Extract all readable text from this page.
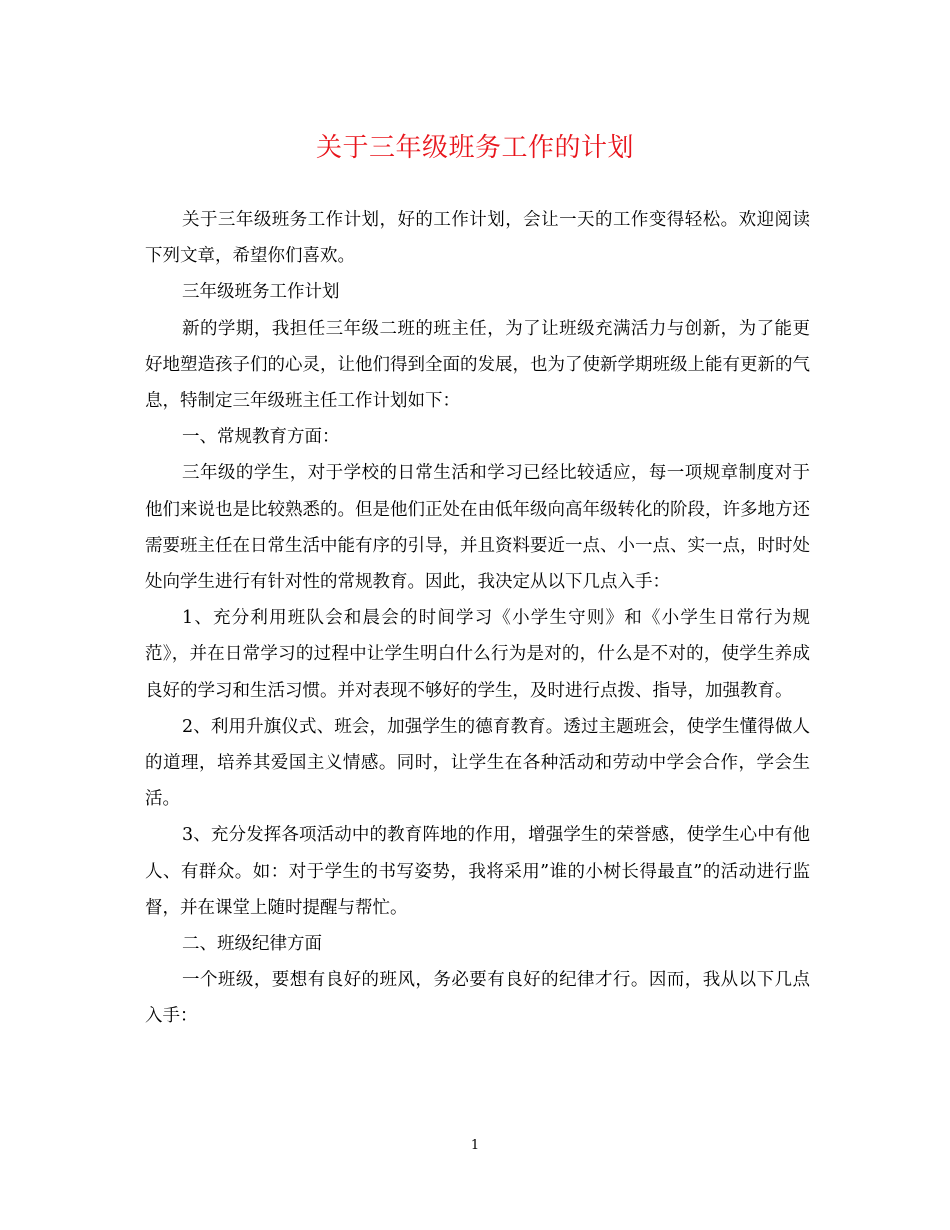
关于三年级班务工作的计划

关于三年级班务工作计划，好的工作计划，会让一天的工作变得轻松。欢迎阅读下列文章，希望你们喜欢。

三年级班务工作计划

新的学期，我担任三年级二班的班主任，为了让班级充满活力与创新，为了能更好地塑造孩子们的心灵，让他们得到全面的发展，也为了使新学期班级上能有更新的气息，特制定三年级班主任工作计划如下：

一、常规教育方面：

三年级的学生，对于学校的日常生活和学习已经比较适应，每一项规章制度对于他们来说也是比较熟悉的。但是他们正处在由低年级向高年级转化的阶段，许多地方还需要班主任在日常生活中能有序的引导，并且资料要近一点、小一点、实一点，时时处处向学生进行有针对性的常规教育。因此，我决定从以下几点入手：

1、充分利用班队会和晨会的时间学习《小学生守则》和《小学生日常行为规范》，并在日常学习的过程中让学生明白什么行为是对的，什么是不对的，使学生养成良好的学习和生活习惯。并对表现不够好的学生，及时进行点拨、指导，加强教育。

2、利用升旗仪式、班会，加强学生的德育教育。透过主题班会，使学生懂得做人的道理，培养其爱国主义情感。同时，让学生在各种活动和劳动中学会合作，学会生活。

3、充分发挥各项活动中的教育阵地的作用，增强学生的荣誉感，使学生心中有他人、有群众。如：对于学生的书写姿势，我将采用”谁的小树长得最直”的活动进行监督，并在课堂上随时提醒与帮忙。

二、班级纪律方面

一个班级，要想有良好的班风，务必要有良好的纪律才行。因而，我从以下几点入手：

1
